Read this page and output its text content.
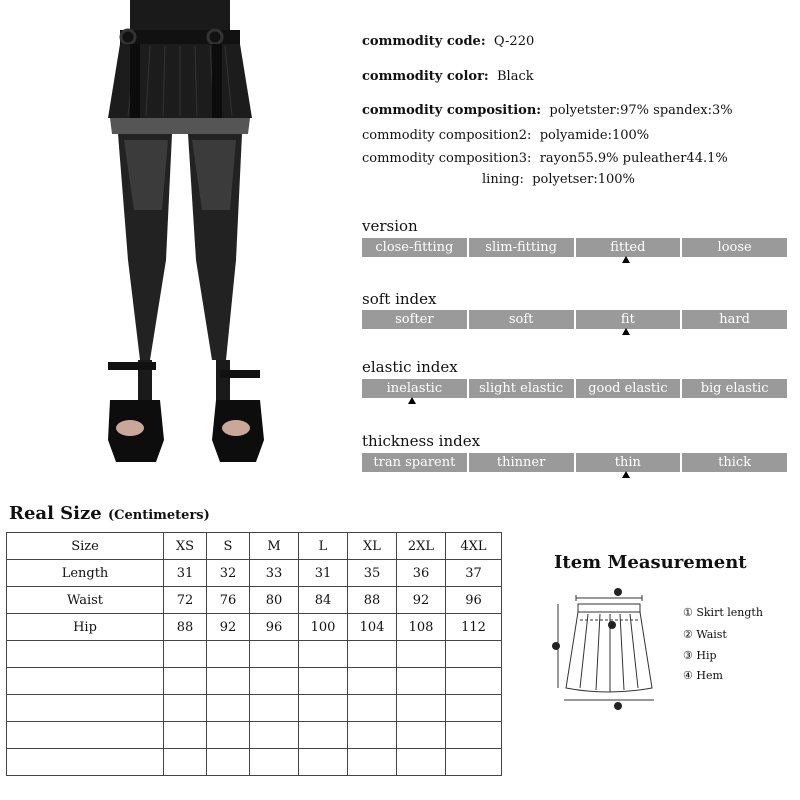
commodity code: Q-220
commodity color: Black
commodity composition: polyetster:97% spandex:3%
commodity composition2: polyamide:100%
commodity composition3: rayon55.9% puleather44.1%
lining: polyetser:100%
version
close-fitting	slim-fitting	fitted	loose
soft index
softer	soft	fit	hard
elastic index
inelastic	slight elastic	good elastic	big elastic
thickness index
tran sparent	thinner	thin	thick
Real Size (Centimeters)
Size	XS	S	M	L	XL	2XL	4XL
Length	31	32	33	31	35	36	37
Waist	72	76	80	84	88	92	96
Hip	88	92	96	100	104	108	112

Item Measurement
① Skirt length
② Waist
③ Hip
④ Hem
